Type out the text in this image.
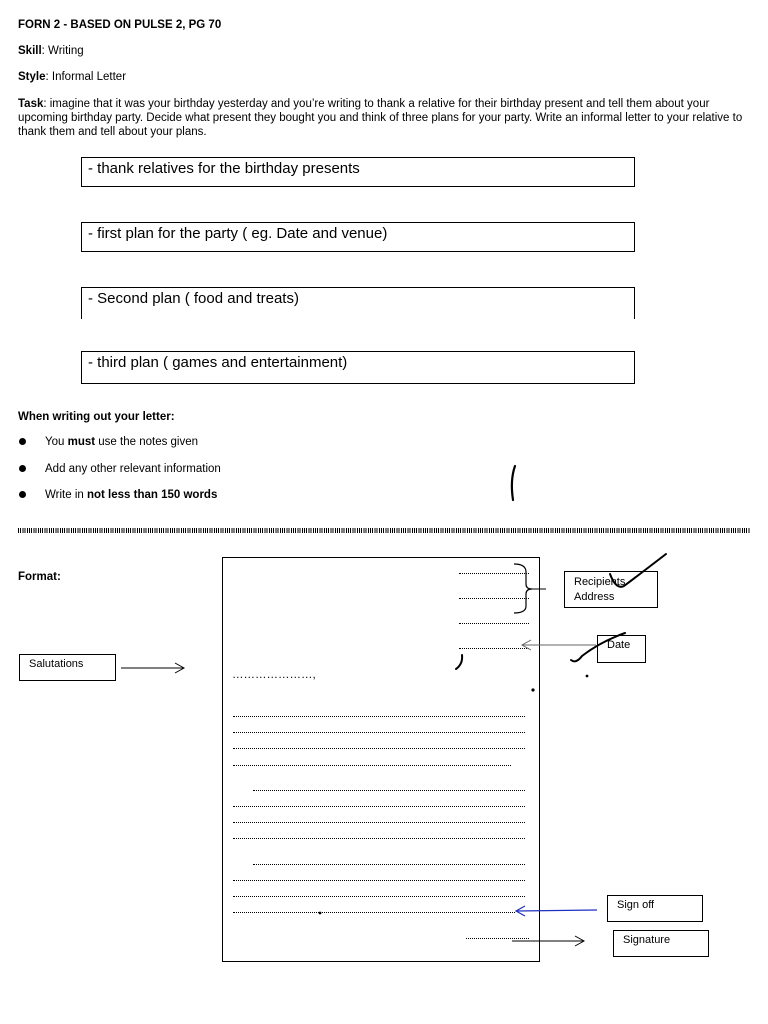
FORN 2 - BASED ON PULSE 2, PG 70
Skill: Writing
Style: Informal Letter
Task: imagine that it was your birthday yesterday and you’re writing to thank a relative for their birthday present and tell them about your upcoming birthday party. Decide what present they bought you and think of three plans for your party. Write an informal letter to your relative to thank them and tell about your plans.
- thank relatives for the birthday presents
- first plan for the party ( eg. Date and venue)
- Second plan ( food and treats)
- third plan ( games and entertainment)
When writing out your letter:
You must use the notes given
Add any other relevant information
Write in not less than 150 words
Format:
…………………,
Recipients Address
Date
Salutations
Sign off
Signature
